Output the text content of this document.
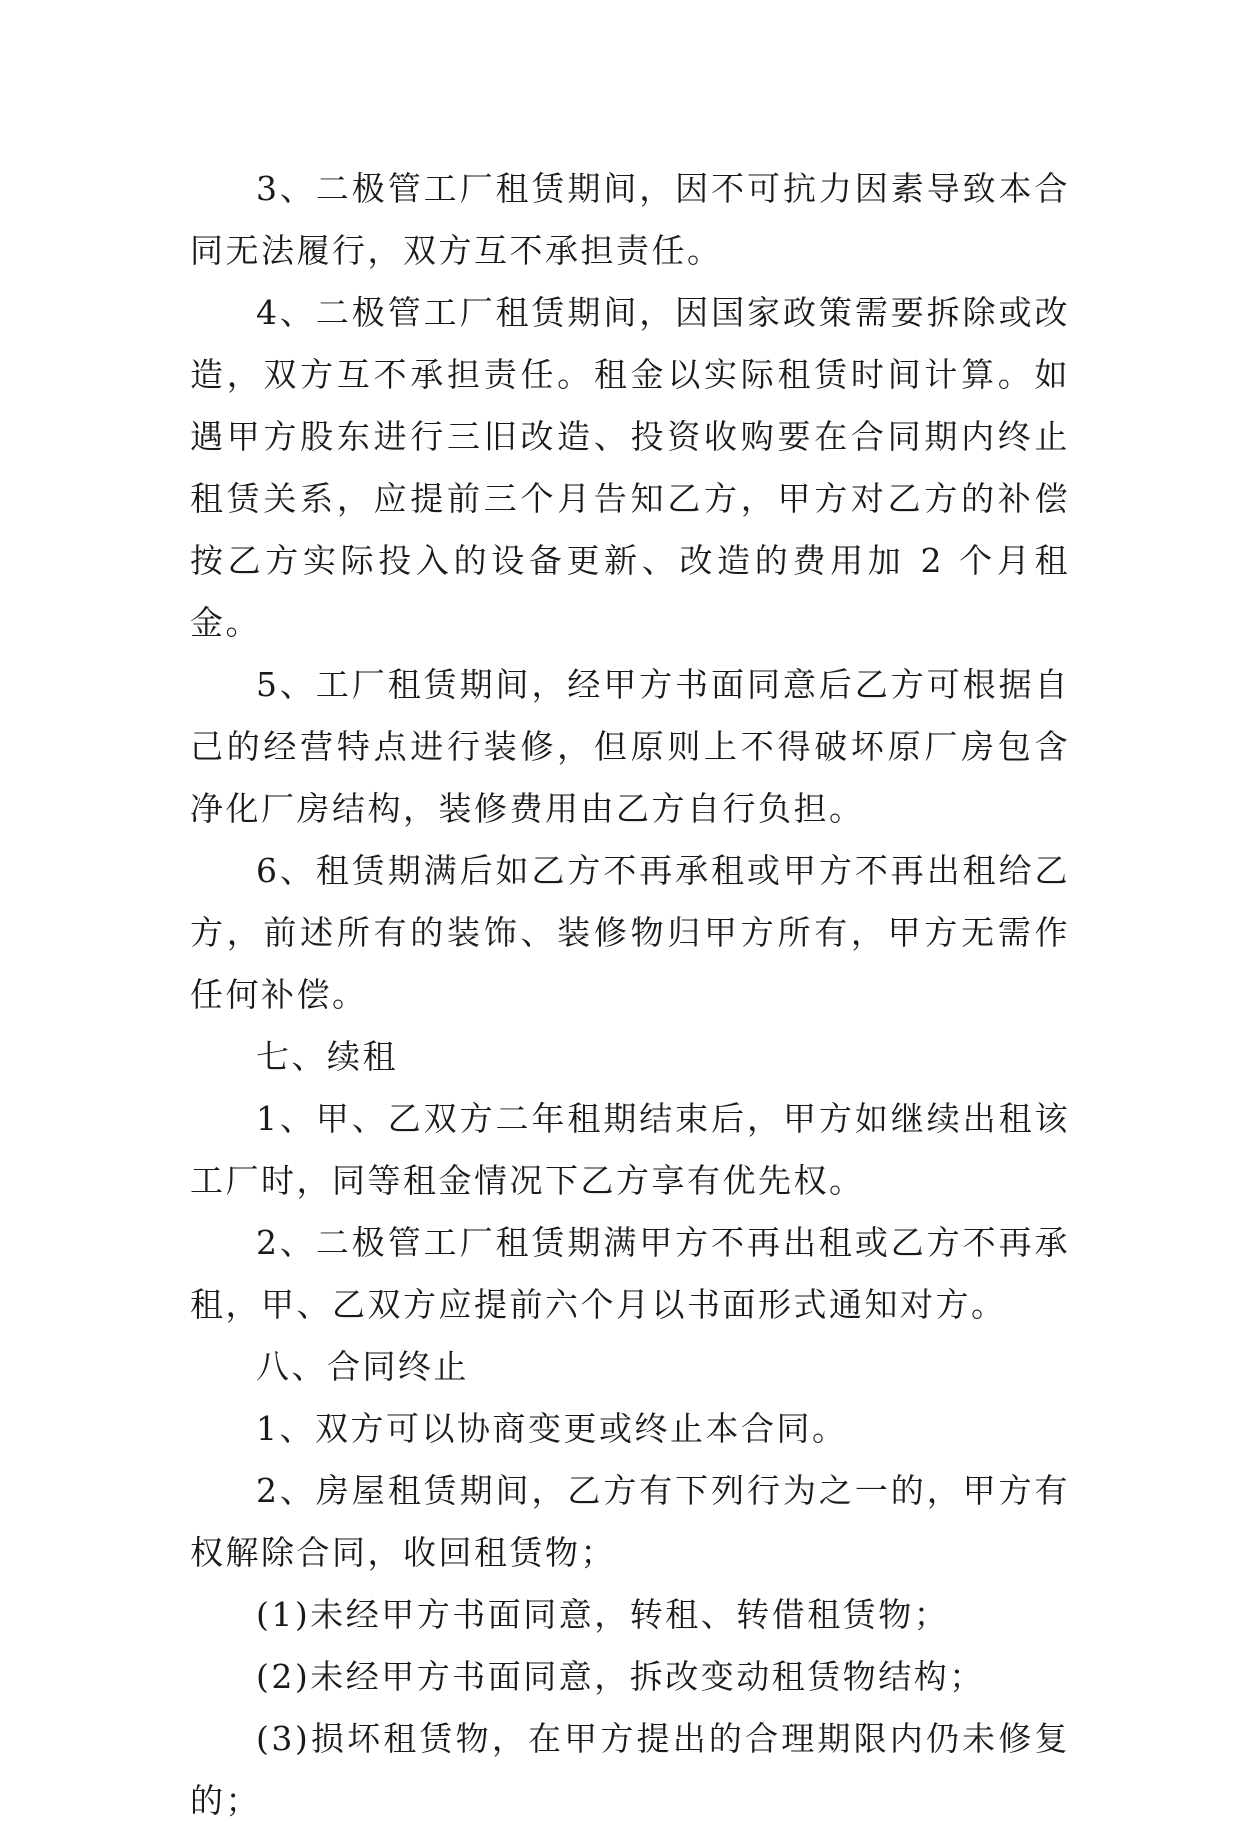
3、二极管工厂租赁期间，因不可抗力因素导致本合同无法履行，双方互不承担责任。

4、二极管工厂租赁期间，因国家政策需要拆除或改造，双方互不承担责任。租金以实际租赁时间计算。如遇甲方股东进行三旧改造、投资收购要在合同期内终止租赁关系，应提前三个月告知乙方，甲方对乙方的补偿按乙方实际投入的设备更新、改造的费用加 2 个月租金。

5、工厂租赁期间，经甲方书面同意后乙方可根据自己的经营特点进行装修，但原则上不得破坏原厂房包含净化厂房结构，装修费用由乙方自行负担。

6、租赁期满后如乙方不再承租或甲方不再出租给乙方，前述所有的装饰、装修物归甲方所有，甲方无需作任何补偿。

七、续租

1、甲、乙双方二年租期结束后，甲方如继续出租该工厂时，同等租金情况下乙方享有优先权。

2、二极管工厂租赁期满甲方不再出租或乙方不再承租，甲、乙双方应提前六个月以书面形式通知对方。

八、合同终止

1、双方可以协商变更或终止本合同。

2、房屋租赁期间，乙方有下列行为之一的，甲方有权解除合同，收回租赁物；

(1)未经甲方书面同意，转租、转借租赁物；

(2)未经甲方书面同意，拆改变动租赁物结构；

(3)损坏租赁物，在甲方提出的合理期限内仍未修复的；
